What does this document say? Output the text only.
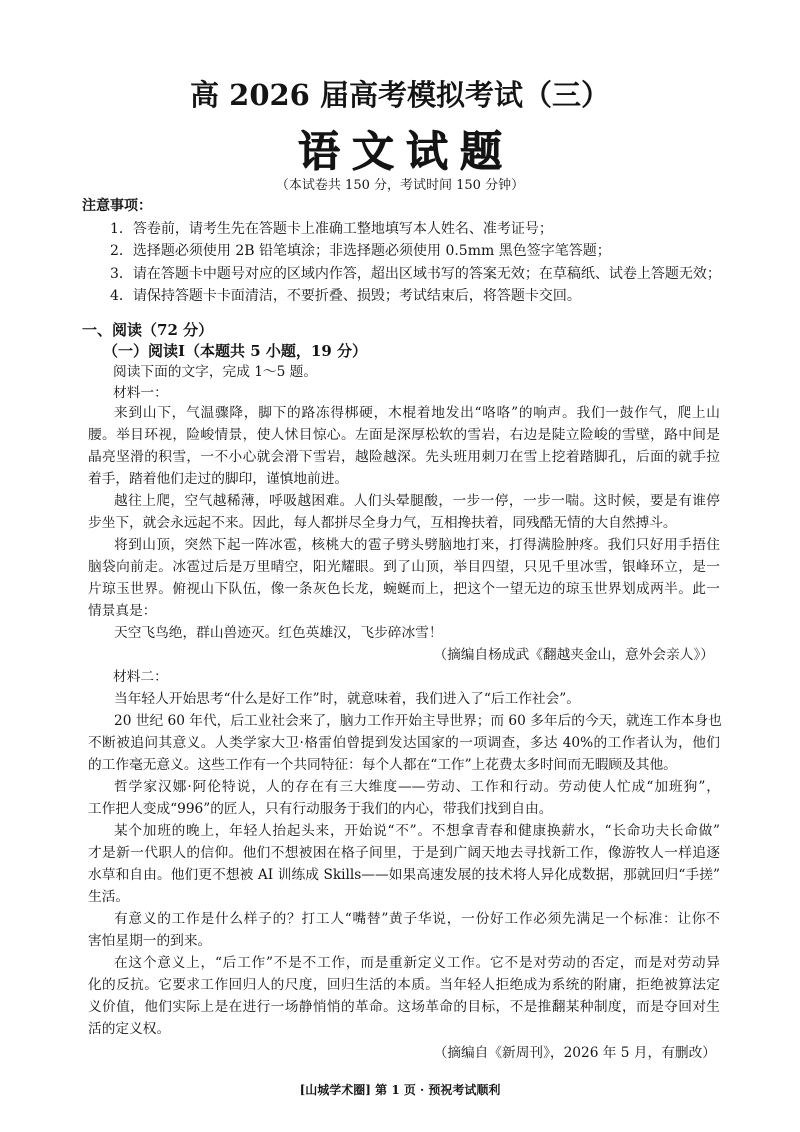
高 2026 届高考模拟考试（三）
语文试题
（本试卷共 150 分，考试时间 150 分钟）
注意事项：
1．答卷前，请考生先在答题卡上准确工整地填写本人姓名、准考证号；
2．选择题必须使用 2B 铅笔填涂；非选择题必须使用 0.5mm 黑色签字笔答题；
3．请在答题卡中题号对应的区域内作答，超出区域书写的答案无效；在草稿纸、试卷上答题无效；
4．请保持答题卡卡面清洁，不要折叠、损毁；考试结束后，将答题卡交回。
一、阅读（72 分）
（一）阅读Ⅰ（本题共 5 小题，19 分）
阅读下面的文字，完成 1～5 题。
材料一：
来到山下，气温骤降，脚下的路冻得梆硬，木棍着地发出“咯咯”的响声。我们一鼓作气，爬上山
腰。举目环视，险峻情景，使人怵目惊心。左面是深厚松软的雪岩，右边是陡立险峻的雪壁，路中间是
晶亮坚滑的积雪，一不小心就会滑下雪岩，越险越深。先头班用刺刀在雪上挖着踏脚孔，后面的就手拉
着手，踏着他们走过的脚印，谨慎地前进。
越往上爬，空气越稀薄，呼吸越困难。人们头晕腿酸，一步一停，一步一喘。这时候，要是有谁停
步坐下，就会永远起不来。因此，每人都拼尽全身力气，互相搀扶着，同残酷无情的大自然搏斗。
将到山顶，突然下起一阵冰雹，核桃大的雹子劈头劈脑地打来，打得满脸肿疼。我们只好用手捂住
脑袋向前走。冰雹过后是万里晴空，阳光耀眼。到了山顶，举目四望，只见千里冰雪，银峰环立，是一
片琼玉世界。俯视山下队伍，像一条灰色长龙，蜿蜒而上，把这个一望无边的琼玉世界划成两半。此一
情景真是：
天空飞鸟绝，群山兽迹灭。红色英雄汉，飞步碎冰雪！
（摘编自杨成武《翻越夹金山，意外会亲人》）
材料二：
当年轻人开始思考“什么是好工作”时，就意味着，我们进入了“后工作社会”。
20 世纪 60 年代，后工业社会来了，脑力工作开始主导世界；而 60 多年后的今天，就连工作本身也
不断被追问其意义。人类学家大卫·格雷伯曾提到发达国家的一项调查，多达 40%的工作者认为，他们
的工作毫无意义。这些工作有一个共同特征：每个人都在“工作”上花费太多时间而无暇顾及其他。
哲学家汉娜·阿伦特说，人的存在有三大维度——劳动、工作和行动。劳动使人忙成“加班狗”，
工作把人变成“996”的匠人，只有行动服务于我们的内心，带我们找到自由。
某个加班的晚上，年轻人抬起头来，开始说“不”。不想拿青春和健康换薪水，“长命功夫长命做”
才是新一代职人的信仰。他们不想被困在格子间里，于是到广阔天地去寻找新工作，像游牧人一样追逐
水草和自由。他们更不想被 AI 训练成 Skills——如果高速发展的技术将人异化成数据，那就回归“手搓”
生活。
有意义的工作是什么样子的？打工人“嘴替”黄子华说，一份好工作必须先满足一个标准：让你不
害怕星期一的到来。
在这个意义上，“后工作”不是不工作，而是重新定义工作。它不是对劳动的否定，而是对劳动异
化的反抗。它要求工作回归人的尺度，回归生活的本质。当年轻人拒绝成为系统的附庸，拒绝被算法定
义价值，他们实际上是在进行一场静悄悄的革命。这场革命的目标，不是推翻某种制度，而是夺回对生
活的定义权。
（摘编自《新周刊》，2026 年 5 月，有删改）
[山城学术圈] 第 1 页 · 预祝考试顺利
